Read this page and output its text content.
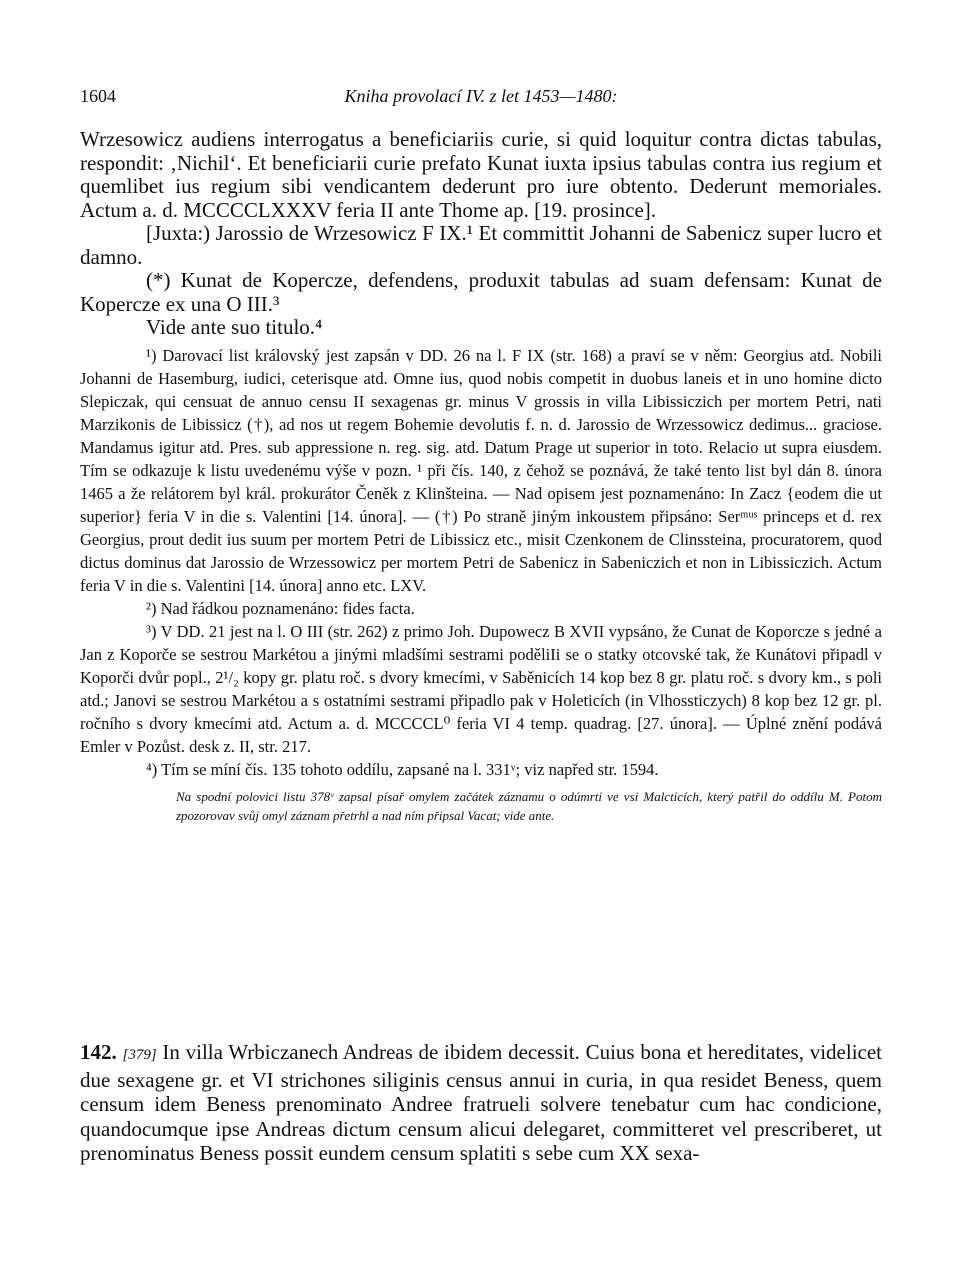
1604	Kniha provolací IV. z let 1453—1480:

Wrzesowicz audiens interrogatus a beneficiariis curie, si quid loquitur contra dictas tabulas, respondit: ‚Nichil‘. Et beneficiarii curie prefato Kunat iuxta ipsius tabulas contra ius regium et quemlibet ius regium sibi vendicantem dederunt pro iure obtento. Dederunt memoriales. Actum a. d. MCCCCLXXXV feria II ante Thome ap. [19. prosince].

[Juxta:) Jarossio de Wrzesowicz F IX.¹ Et committit Johanni de Sabenicz super lucro et damno.

(*) Kunat de Kopercze, defendens, produxit tabulas ad suam defensam: Kunat de Kopercze ex una O III.³

Vide ante suo titulo.⁴

¹) Darovací list královský jest zapsán v DD. 26 na l. F IX (str. 168) a praví se v něm: Georgius atd. Nobili Johanni de Hasemburg, iudici, ceterisque atd. Omne ius, quod nobis competit in duobus laneis et in uno homine dicto Slepiczak, qui censuat de annuo censu II sexagenas gr. minus V grossis in villa Libissiczich per mortem Petri, nati Marzikonis de Libissicz (†), ad nos ut regem Bohemie devolutis f. n. d. Jarossio de Wrzessowicz dedimus... graciose. Mandamus igitur atd. Pres. sub appressione n. reg. sig. atd. Datum Prage ut superior in toto. Relacio ut supra eiusdem. Tím se odkazuje k listu uvedenému výše v pozn. ¹ při čís. 140, z čehož se poznává, že také tento list byl dán 8. února 1465 a že relátorem byl král. prokurátor Čeněk z Klinšteina. — Nad opisem jest poznamenáno: In Zacz {eodem die ut superior} feria V in die s. Valentini [14. února]. — (†) Po straně jiným inkoustem připsáno: Serᵐᵘˢ princeps et d. rex Georgius, prout dedit ius suum per mortem Petri de Libissicz etc., misit Czenkonem de Clinssteina, procuratorem, quod dictus dominus dat Jarossio de Wrzessowicz per mortem Petri de Sabenicz in Sabeniczich et non in Libissiczich. Actum feria V in die s. Valentini [14. února] anno etc. LXV.

²) Nad řádkou poznamenáno: fides facta.

³) V DD. 21 jest na l. O III (str. 262) z primo Joh. Dupowecz B XVII vypsáno, že Cunat de Koporcze s jedné a Jan z Koporče se sestrou Markétou a jinými mladšími sestrami poděliIi se o statky otcovské tak, že Kunátovi připadl v Koporči dvůr popl., 2¹/₂ kopy gr. platu roč. s dvory kmecími, v Saběnicích 14 kop bez 8 gr. platu roč. s dvory km., s poli atd.; Janovi se sestrou Markétou a s ostatními sestrami připadlo pak v Holeticích (in Vlhossticzych) 8 kop bez 12 gr. pl. ročního s dvory kmecími atd. Actum a. d. MCCCCL⁰ feria VI 4 temp. quadrag. [27. února]. — Úplné znění podává Emler v Pozůst. desk z. II, str. 217.

⁴) Tím se míní čís. 135 tohoto oddílu, zapsané na l. 331ᵛ; viz napřed str. 1594.

Na spodní polovici listu 378ᵛ zapsal písař omylem začátek záznamu o odúmrti ve vsi Malcticích, který patřil do oddílu M. Potom zpozorovav svůj omyl záznam přetrhl a nad ním připsal Vacat; vide ante.

142. [379] In villa Wrbiczanech Andreas de ibidem decessit. Cuius bona et hereditates, videlicet due sexagene gr. et VI strichones siliginis census annui in curia, in qua residet Beness, quem censum idem Beness prenominato Andree fratrueli solvere tenebatur cum hac condicione, quandocumque ipse Andreas dictum censum alicui delegaret, committeret vel prescriberet, ut prenominatus Beness possit eundem censum splatiti s sebe cum XX sexa-
